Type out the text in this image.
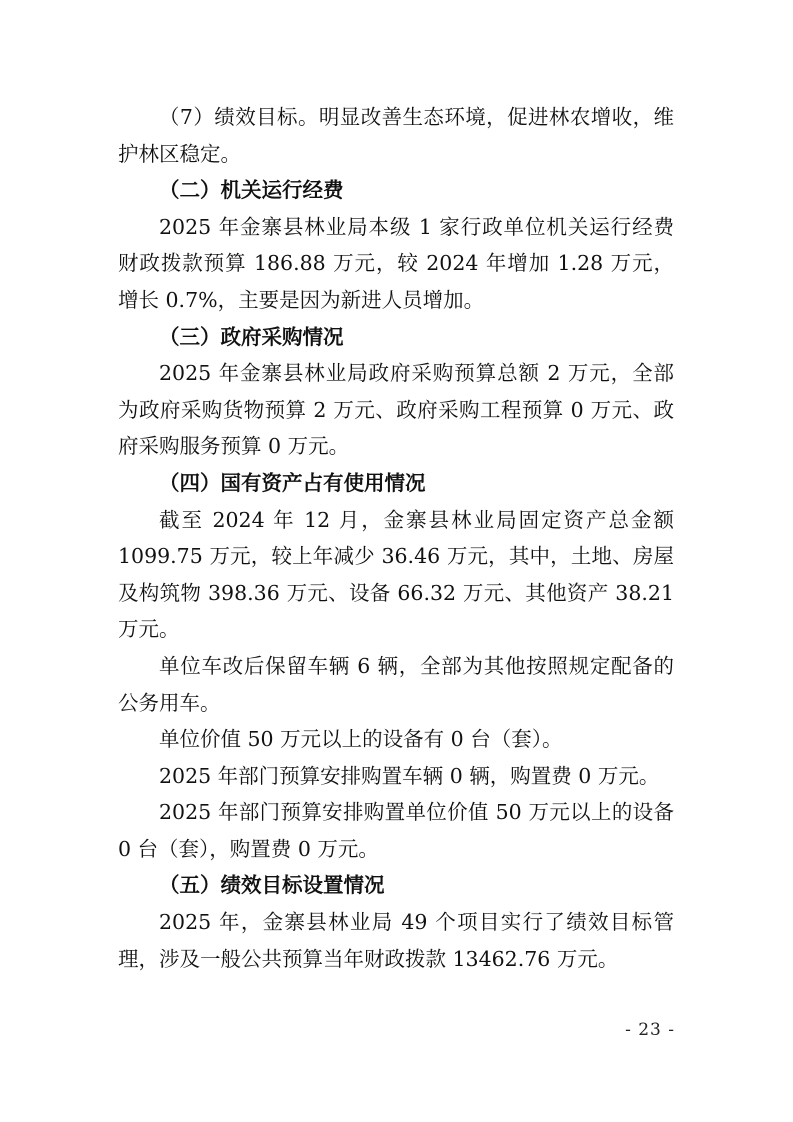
（7）绩效目标。明显改善生态环境，促进林农增收，维护林区稳定。

（二）机关运行经费

2025 年金寨县林业局本级 1 家行政单位机关运行经费财政拨款预算 186.88 万元，较 2024 年增加 1.28 万元，增长 0.7%，主要是因为新进人员增加。

（三）政府采购情况

2025 年金寨县林业局政府采购预算总额 2 万元，全部为政府采购货物预算 2 万元、政府采购工程预算 0 万元、政府采购服务预算 0 万元。

（四）国有资产占有使用情况

截至 2024 年 12 月，金寨县林业局固定资产总金额 1099.75 万元，较上年减少 36.46 万元，其中，土地、房屋及构筑物 398.36 万元、设备 66.32 万元、其他资产 38.21 万元。

单位车改后保留车辆 6 辆，全部为其他按照规定配备的公务用车。

单位价值 50 万元以上的设备有 0 台（套）。

2025 年部门预算安排购置车辆 0 辆，购置费 0 万元。

2025 年部门预算安排购置单位价值 50 万元以上的设备 0 台（套），购置费 0 万元。

（五）绩效目标设置情况

2025 年，金寨县林业局 49 个项目实行了绩效目标管理，涉及一般公共预算当年财政拨款 13462.76 万元。

- 23 -
